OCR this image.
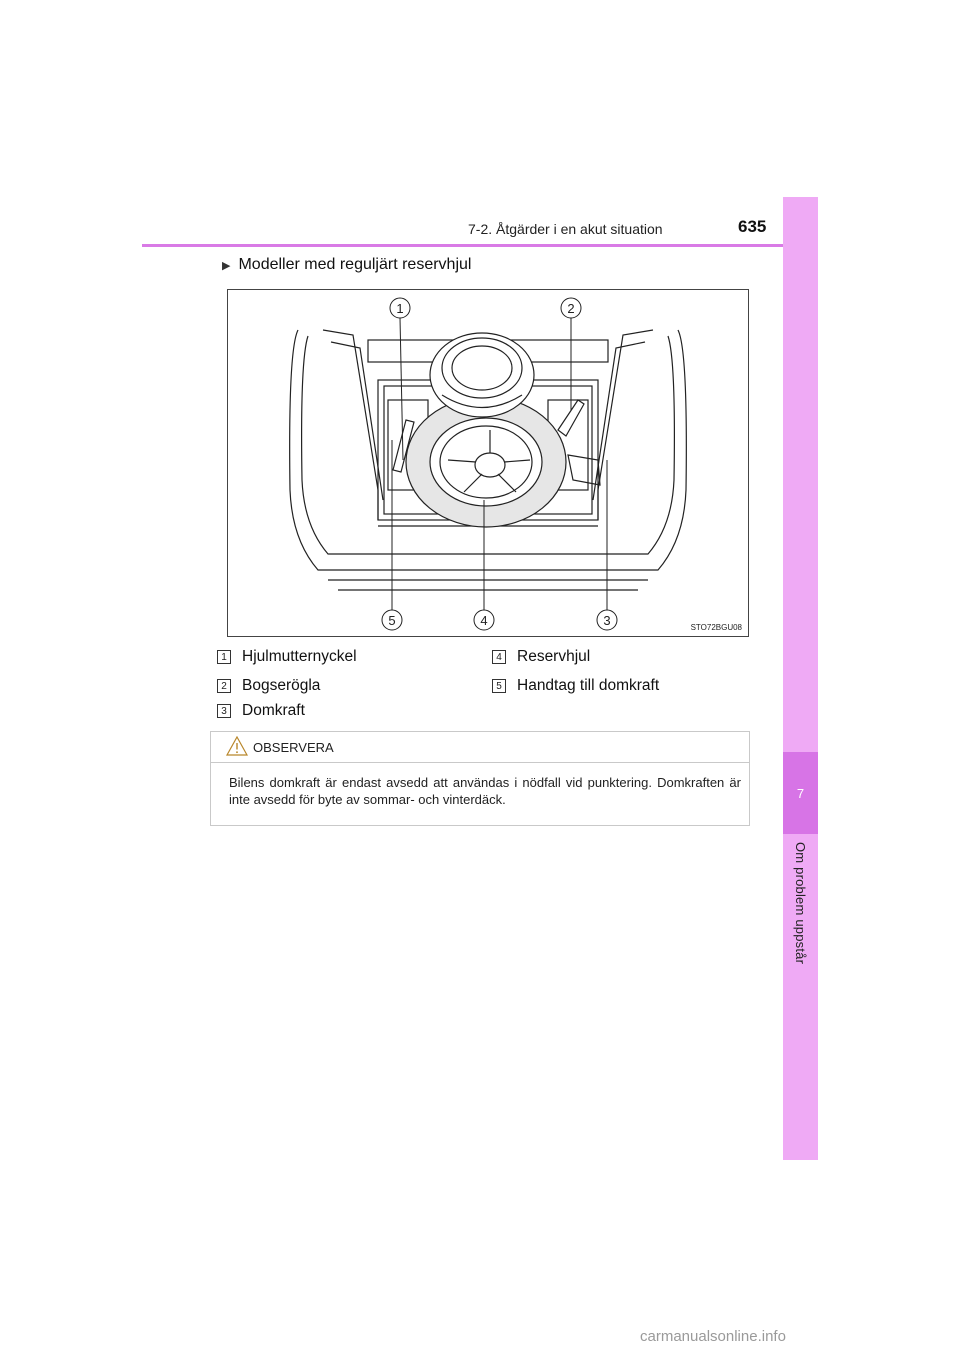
7-2. Åtgärder i en akut situation	635
7
Om problem uppstår
▶ Modeller med reguljärt reservhjul
1	2
3
4
5	STO72BGU08
1 Hjulmutternyckel
2 Bogserögla
3 Domkraft
4 Reservhjul
5 Handtag till domkraft
OBSERVERA
Bilens domkraft är endast avsedd att användas i nödfall vid punktering. Domkraften är inte avsedd för byte av sommar- och vinterdäck.
carmanualsonline.info
